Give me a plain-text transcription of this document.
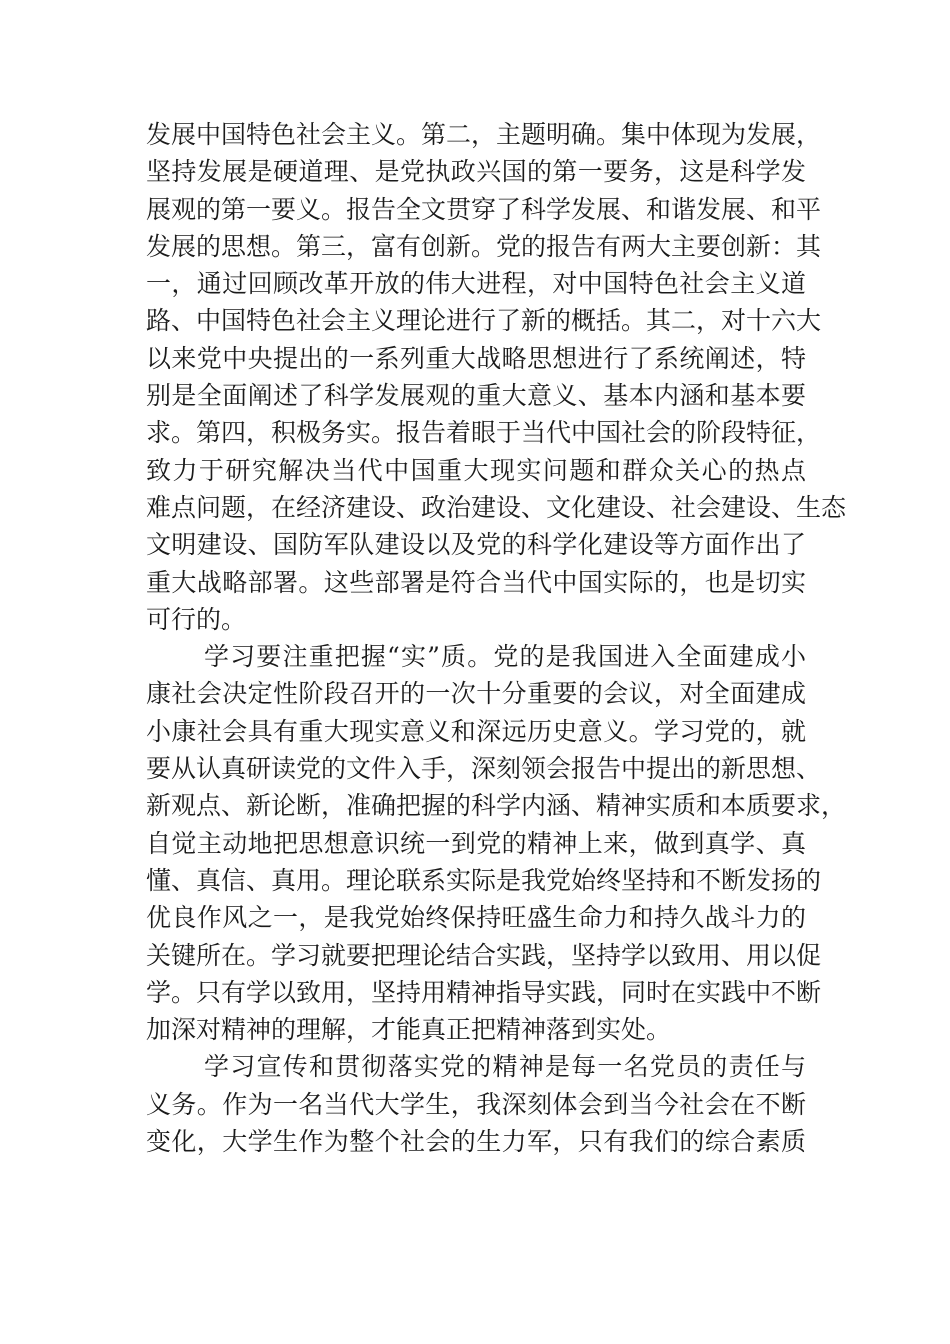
发展中国特色社会主义。第二，主题明确。集中体现为发展，
坚持发展是硬道理、是党执政兴国的第一要务，这是科学发
展观的第一要义。报告全文贯穿了科学发展、和谐发展、和平
发展的思想。第三，富有创新。党的报告有两大主要创新：其
一，通过回顾改革开放的伟大进程，对中国特色社会主义道
路、中国特色社会主义理论进行了新的概括。其二，对十六大
以来党中央提出的一系列重大战略思想进行了系统阐述，特
别是全面阐述了科学发展观的重大意义、基本内涵和基本要
求。第四，积极务实。报告着眼于当代中国社会的阶段特征，
致力于研究解决当代中国重大现实问题和群众关心的热点
难点问题，在经济建设、政治建设、文化建设、社会建设、生态
文明建设、国防军队建设以及党的科学化建设等方面作出了
重大战略部署。这些部署是符合当代中国实际的，也是切实
可行的。
学习要注重把握“实”质。党的是我国进入全面建成小
康社会决定性阶段召开的一次十分重要的会议，对全面建成
小康社会具有重大现实意义和深远历史意义。学习党的，就
要从认真研读党的文件入手，深刻领会报告中提出的新思想、
新观点、新论断，准确把握的科学内涵、精神实质和本质要求，
自觉主动地把思想意识统一到党的精神上来，做到真学、真
懂、真信、真用。理论联系实际是我党始终坚持和不断发扬的
优良作风之一，是我党始终保持旺盛生命力和持久战斗力的
关键所在。学习就要把理论结合实践，坚持学以致用、用以促
学。只有学以致用，坚持用精神指导实践，同时在实践中不断
加深对精神的理解，才能真正把精神落到实处。
学习宣传和贯彻落实党的精神是每一名党员的责任与
义务。作为一名当代大学生，我深刻体会到当今社会在不断
变化，大学生作为整个社会的生力军，只有我们的综合素质
